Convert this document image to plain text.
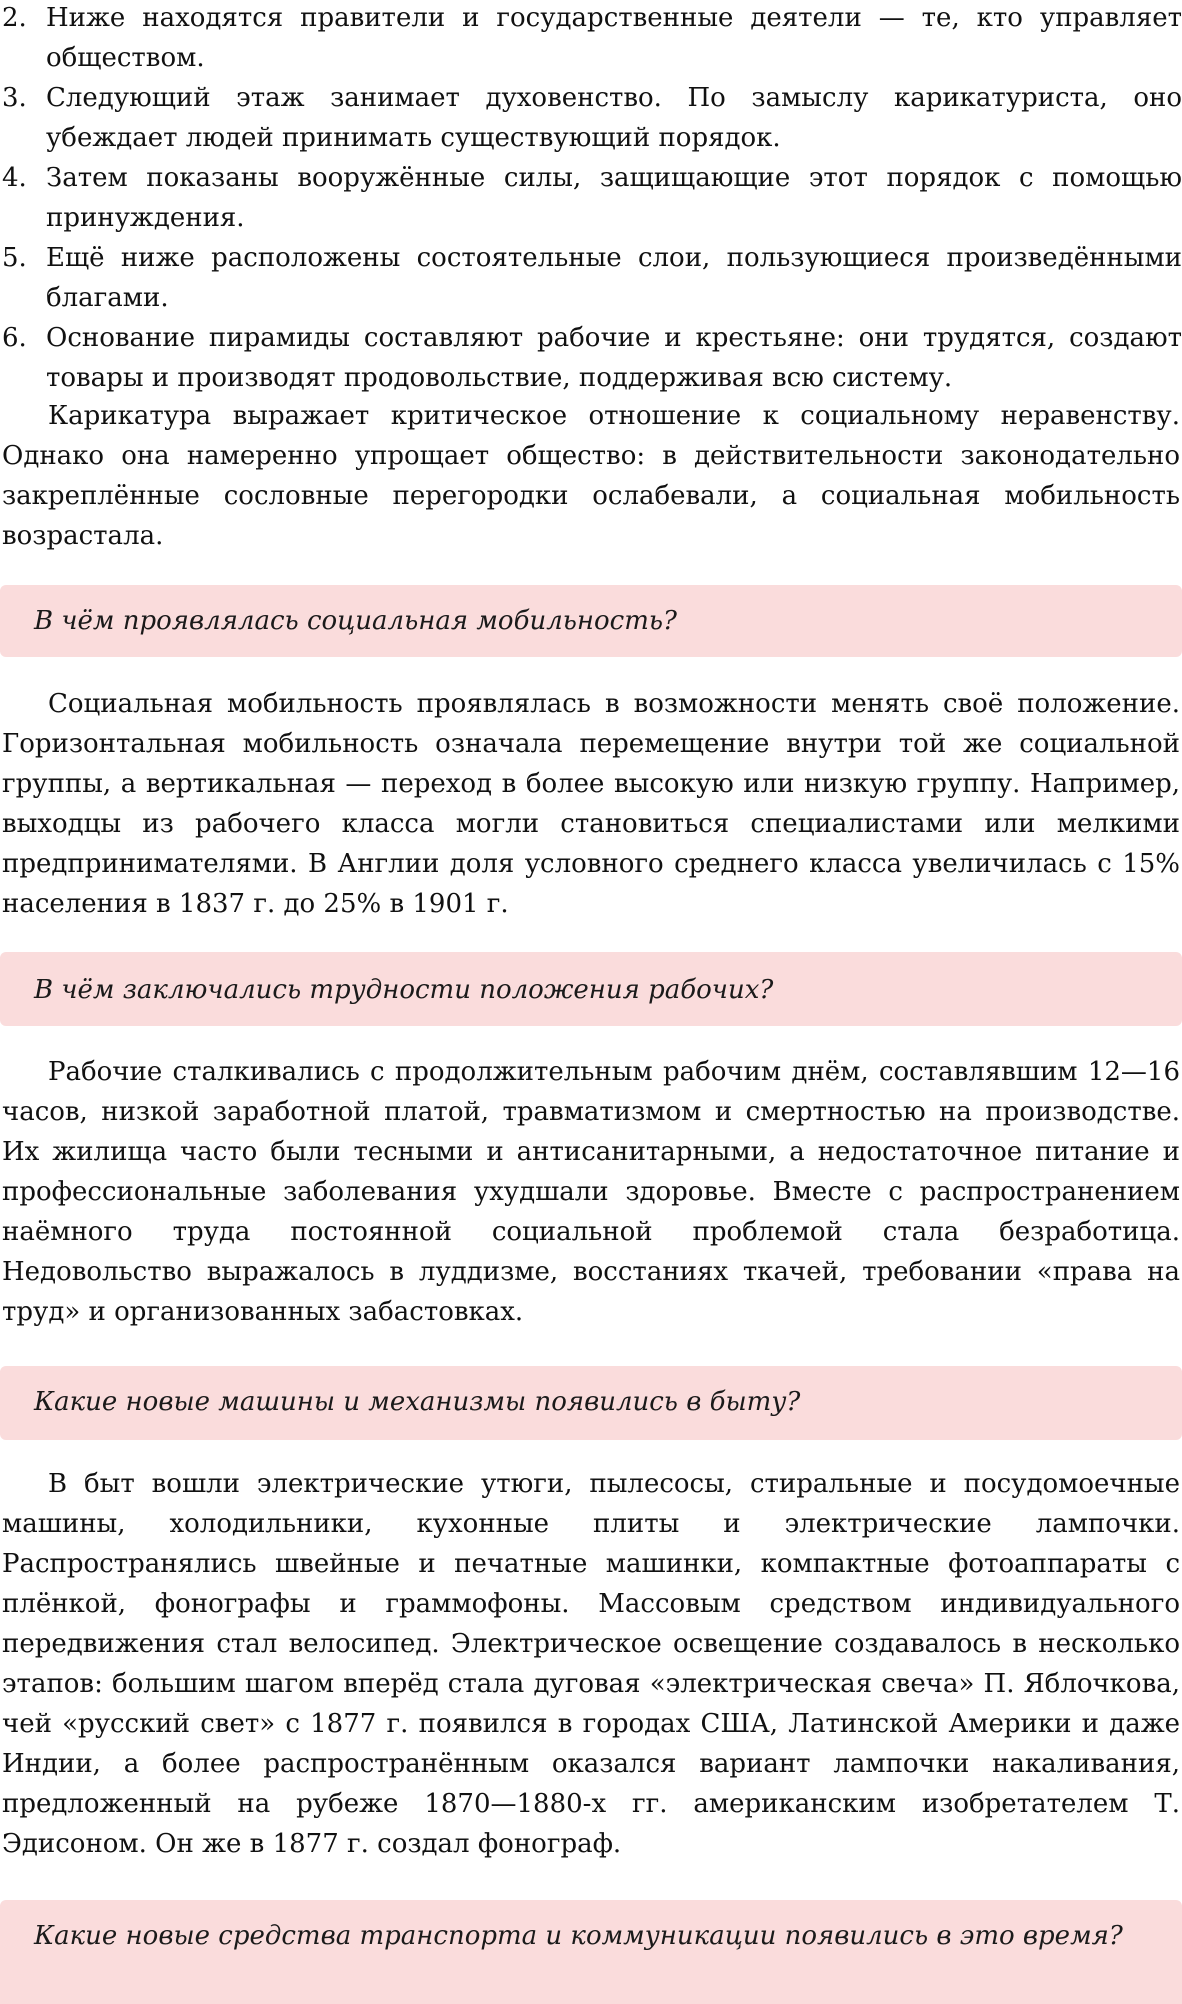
2. Ниже находятся правители и государственные деятели — те, кто управляет обществом.
3. Следующий этаж занимает духовенство. По замыслу карикатуриста, оно убеждает людей принимать существующий порядок.
4. Затем показаны вооружённые силы, защищающие этот порядок с помощью принуждения.
5. Ещё ниже расположены состоятельные слои, пользующиеся произведёнными благами.
6. Основание пирамиды составляют рабочие и крестьяне: они трудятся, создают товары и производят продовольствие, поддерживая всю систему.
Карикатура выражает критическое отношение к социальному неравенству. Однако она намеренно упрощает общество: в действительности законодательно закреплённые сословные перегородки ослабевали, а социальная мобильность возрастала.
В чём проявлялась социальная мобильность?
Социальная мобильность проявлялась в возможности менять своё положение. Горизонтальная мобильность означала перемещение внутри той же социальной группы, а вертикальная — переход в более высокую или низкую группу. Например, выходцы из рабочего класса могли становиться специалистами или мелкими предпринимателями. В Англии доля условного среднего класса увеличилась с 15% населения в 1837 г. до 25% в 1901 г.
В чём заключались трудности положения рабочих?
Рабочие сталкивались с продолжительным рабочим днём, составлявшим 12—16 часов, низкой заработной платой, травматизмом и смертностью на производстве. Их жилища часто были тесными и антисанитарными, а недостаточное питание и профессиональные заболевания ухудшали здоровье. Вместе с распространением наёмного труда постоянной социальной проблемой стала безработица. Недовольство выражалось в луддизме, восстаниях ткачей, требовании «права на труд» и организованных забастовках.
Какие новые машины и механизмы появились в быту?
В быт вошли электрические утюги, пылесосы, стиральные и посудомоечные машины, холодильники, кухонные плиты и электрические лампочки. Распространялись швейные и печатные машинки, компактные фотоаппараты с плёнкой, фонографы и граммофоны. Массовым средством индивидуального передвижения стал велосипед. Электрическое освещение создавалось в несколько этапов: большим шагом вперёд стала дуговая «электрическая свеча» П. Яблочкова, чей «русский свет» с 1877 г. появился в городах США, Латинской Америки и даже Индии, а более распространённым оказался вариант лампочки накаливания, предложенный на рубеже 1870—1880-х гг. американским изобретателем Т. Эдисоном. Он же в 1877 г. создал фонограф.
Какие новые средства транспорта и коммуникации появились в это время?
